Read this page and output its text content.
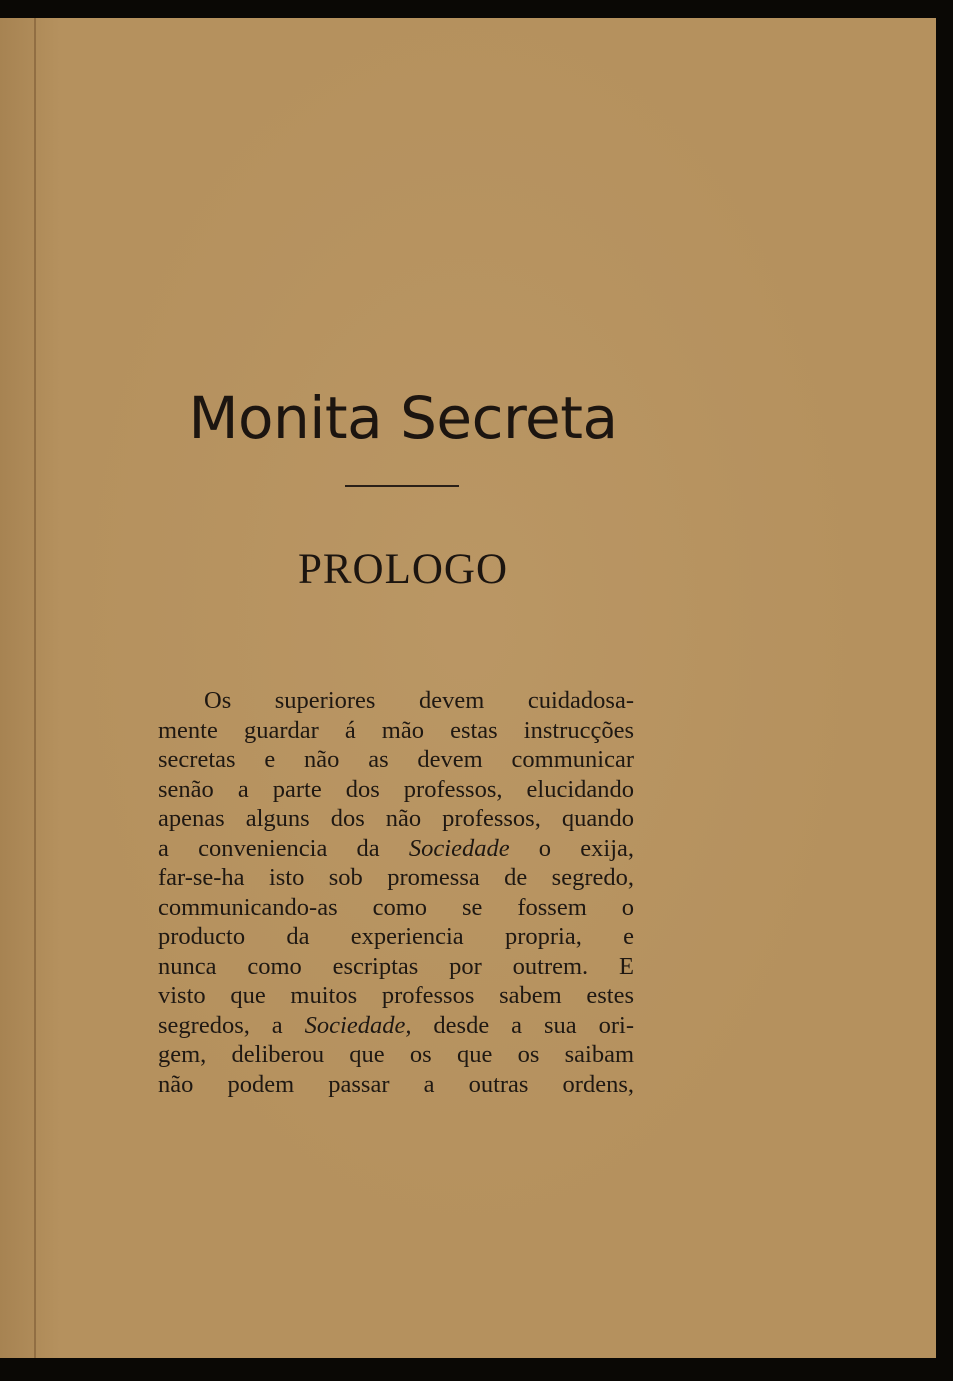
Monita Secreta
PROLOGO
Os superiores devem cuidadosa-
mente guardar á mão estas instrucções
secretas e não as devem communicar
senão a parte dos professos, elucidando
apenas alguns dos não professos, quando
a conveniencia da Sociedade o exija,
far-se-ha isto sob promessa de segredo,
communicando-as como se fossem o
producto da experiencia propria, e
nunca como escriptas por outrem. E
visto que muitos professos sabem estes
segredos, a Sociedade, desde a sua ori-
gem, deliberou que os que os saibam
não podem passar a outras ordens,
